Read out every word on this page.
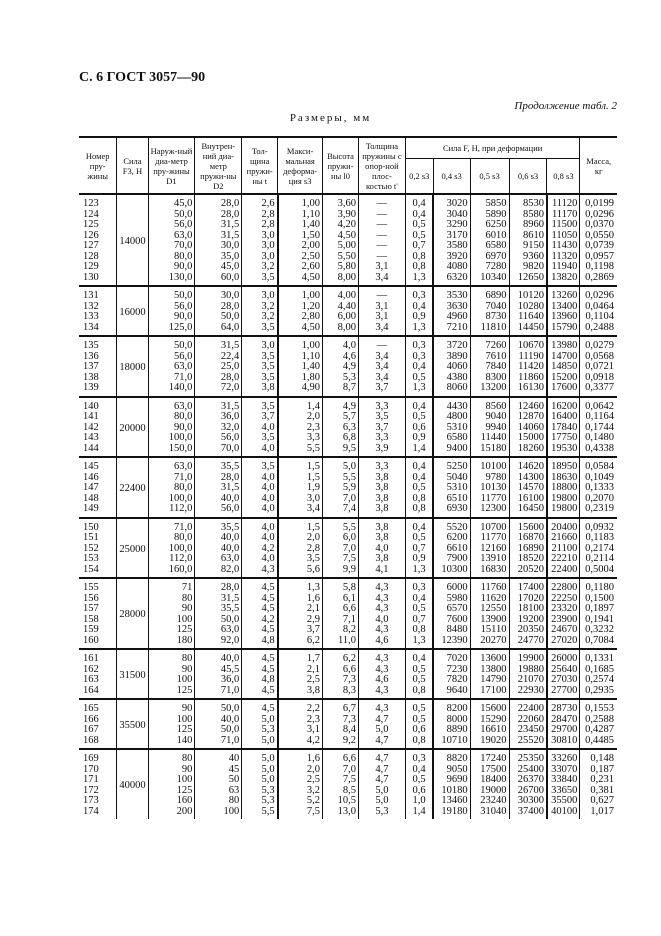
С. 6 ГОСТ 3057—90
Продолжение табл. 2
Размеры, мм
Номер пру-жины	Сила F3, Н	Наруж-ный диа-метр пру-жины D1	Внутрен-ний диа-метр пружи-ны D2	Тол-щина пружи-ны t	Макси-мальная деформа-ция s3	Высота пружи-ны l0	Толщина пружины с опор-ной плос-костью t'	Сила F, Н, при деформации					Масса, кг
								0,2 s3	0,4 s3	0,5 s3	0,6 s3	0,8 s3	
123	14000	45,0	28,0	2,6	1,00	3,60	—	0,4	3020	5850	8530	11120	0,0199
124		50,0	28,0	2,8	1,10	3,90	—	0,4	3040	5890	8580	11170	0,0296
125		56,0	31,5	2,8	1,40	4,20	—	0,5	3290	6250	8960	11500	0,0370
126		63,0	31,5	3,0	1,50	4,50	—	0,5	3170	6010	8610	11050	0,0550
127		70,0	30,0	3,0	2,00	5,00	—	0,7	3580	6580	9150	11430	0,0739
128		80,0	35,0	3,0	2,50	5,50	—	0,8	3920	6970	9360	11320	0,0957
129		90,0	45,0	3,2	2,60	5,80	3,1	0,8	4080	7280	9820	11940	0,1198
130		130,0	60,0	3,5	4,50	8,00	3,4	1,3	6320	10340	12650	13820	0,2869
131	16000	50,0	30,0	3,0	1,00	4,00	—	0,3	3530	6890	10120	13260	0,0296
132		56,0	28,0	3,2	1,20	4,40	3,1	0,4	3630	7040	10280	13400	0,0464
133		90,0	50,0	3,2	2,80	6,00	3,1	0,9	4960	8730	11640	13960	0,1104
134		125,0	64,0	3,5	4,50	8,00	3,4	1,3	7210	11810	14450	15790	0,2488
135	18000	50,0	31,5	3,0	1,00	4,0	—	0,3	3720	7260	10670	13980	0,0279
136		56,0	22,4	3,5	1,10	4,6	3,4	0,3	3890	7610	11190	14700	0,0568
137		63,0	25,0	3,5	1,40	4,9	3,4	0,4	4060	7840	11420	14850	0,0721
138		71,0	28,0	3,5	1,80	5,3	3,4	0,5	4380	8300	11860	15200	0,0918
139		140,0	72,0	3,8	4,90	8,7	3,7	1,3	8060	13200	16130	17600	0,3377
140	20000	63,0	31,5	3,5	1,4	4,9	3,3	0,4	4430	8560	12460	16200	0,0642
141		80,0	36,0	3,7	2,0	5,7	3,5	0,5	4800	9040	12870	16400	0,1164
142		90,0	32,0	4,0	2,3	6,3	3,7	0,6	5310	9940	14060	17840	0,1744
143		100,0	56,0	3,5	3,3	6,8	3,3	0,9	6580	11440	15000	17750	0,1480
144		150,0	70,0	4,0	5,5	9,5	3,9	1,4	9400	15180	18260	19530	0,4338
145	22400	63,0	35,5	3,5	1,5	5,0	3,3	0,4	5250	10100	14620	18950	0,0584
146		71,0	28,0	4,0	1,5	5,5	3,8	0,4	5040	9780	14300	18630	0,1049
147		80,0	31,5	4,0	1,9	5,9	3,8	0,5	5310	10130	14570	18800	0,1333
148		100,0	40,0	4,0	3,0	7,0	3,8	0,8	6510	11770	16100	19800	0,2070
149		112,0	56,0	4,0	3,4	7,4	3,8	0,8	6930	12300	16450	19800	0,2319
150	25000	71,0	35,5	4,0	1,5	5,5	3,8	0,4	5520	10700	15600	20400	0,0932
151		80,0	40,0	4,0	2,0	6,0	3,8	0,5	6200	11770	16870	21660	0,1183
152		100,0	40,0	4,2	2,8	7,0	4,0	0,7	6610	12160	16890	21100	0,2174
153		112,0	63,0	4,0	3,5	7,5	3,8	0,9	7900	13910	18520	22210	0,2114
154		160,0	82,0	4,3	5,6	9,9	4,1	1,3	10300	16830	20520	22400	0,5004
155	28000	71	28,0	4,5	1,3	5,8	4,3	0,3	6000	11760	17400	22800	0,1180
156		80	31,5	4,5	1,6	6,1	4,3	0,4	5980	11620	17020	22250	0,1500
157		90	35,5	4,5	2,1	6,6	4,3	0,5	6570	12550	18100	23320	0,1897
158		100	50,0	4,2	2,9	7,1	4,0	0,7	7600	13900	19200	23900	0,1941
159		125	63,0	4,5	3,7	8,2	4,3	0,8	8480	15110	20350	24670	0,3232
160		180	92,0	4,8	6,2	11,0	4,6	1,3	12390	20270	24770	27020	0,7084
161	31500	80	40,0	4,5	1,7	6,2	4,3	0,4	7020	13600	19900	26000	0,1331
162		90	45,5	4,5	2,1	6,6	4,3	0,5	7230	13800	19880	25640	0,1685
163		100	36,0	4,8	2,5	7,3	4,6	0,5	7820	14790	21070	27030	0,2574
164		125	71,0	4,5	3,8	8,3	4,3	0,8	9640	17100	22930	27700	0,2935
165	35500	90	50,0	4,5	2,2	6,7	4,3	0,5	8200	15600	22400	28730	0,1553
166		100	40,0	5,0	2,3	7,3	4,7	0,5	8000	15290	22060	28470	0,2588
167		125	50,0	5,3	3,1	8,4	5,0	0,6	8890	16610	23450	29700	0,4287
168		140	71,0	5,0	4,2	9,2	4,7	0,8	10710	19020	25520	30810	0,4485
169	40000	80	40	5,0	1,6	6,6	4,7	0,3	8820	17240	25350	33260	0,148
170		90	45	5,0	2,0	7,0	4,7	0,4	9050	17500	25400	33070	0,187
171		100	50	5,0	2,5	7,5	4,7	0,5	9690	18400	26370	33840	0,231
172		125	63	5,3	3,2	8,5	5,0	0,6	10180	19000	26700	33650	0,381
173		160	80	5,3	5,2	10,5	5,0	1,0	13460	23240	30300	35500	0,627
174		200	100	5,5	7,5	13,0	5,3	1,4	19180	31040	37400	40100	1,017
